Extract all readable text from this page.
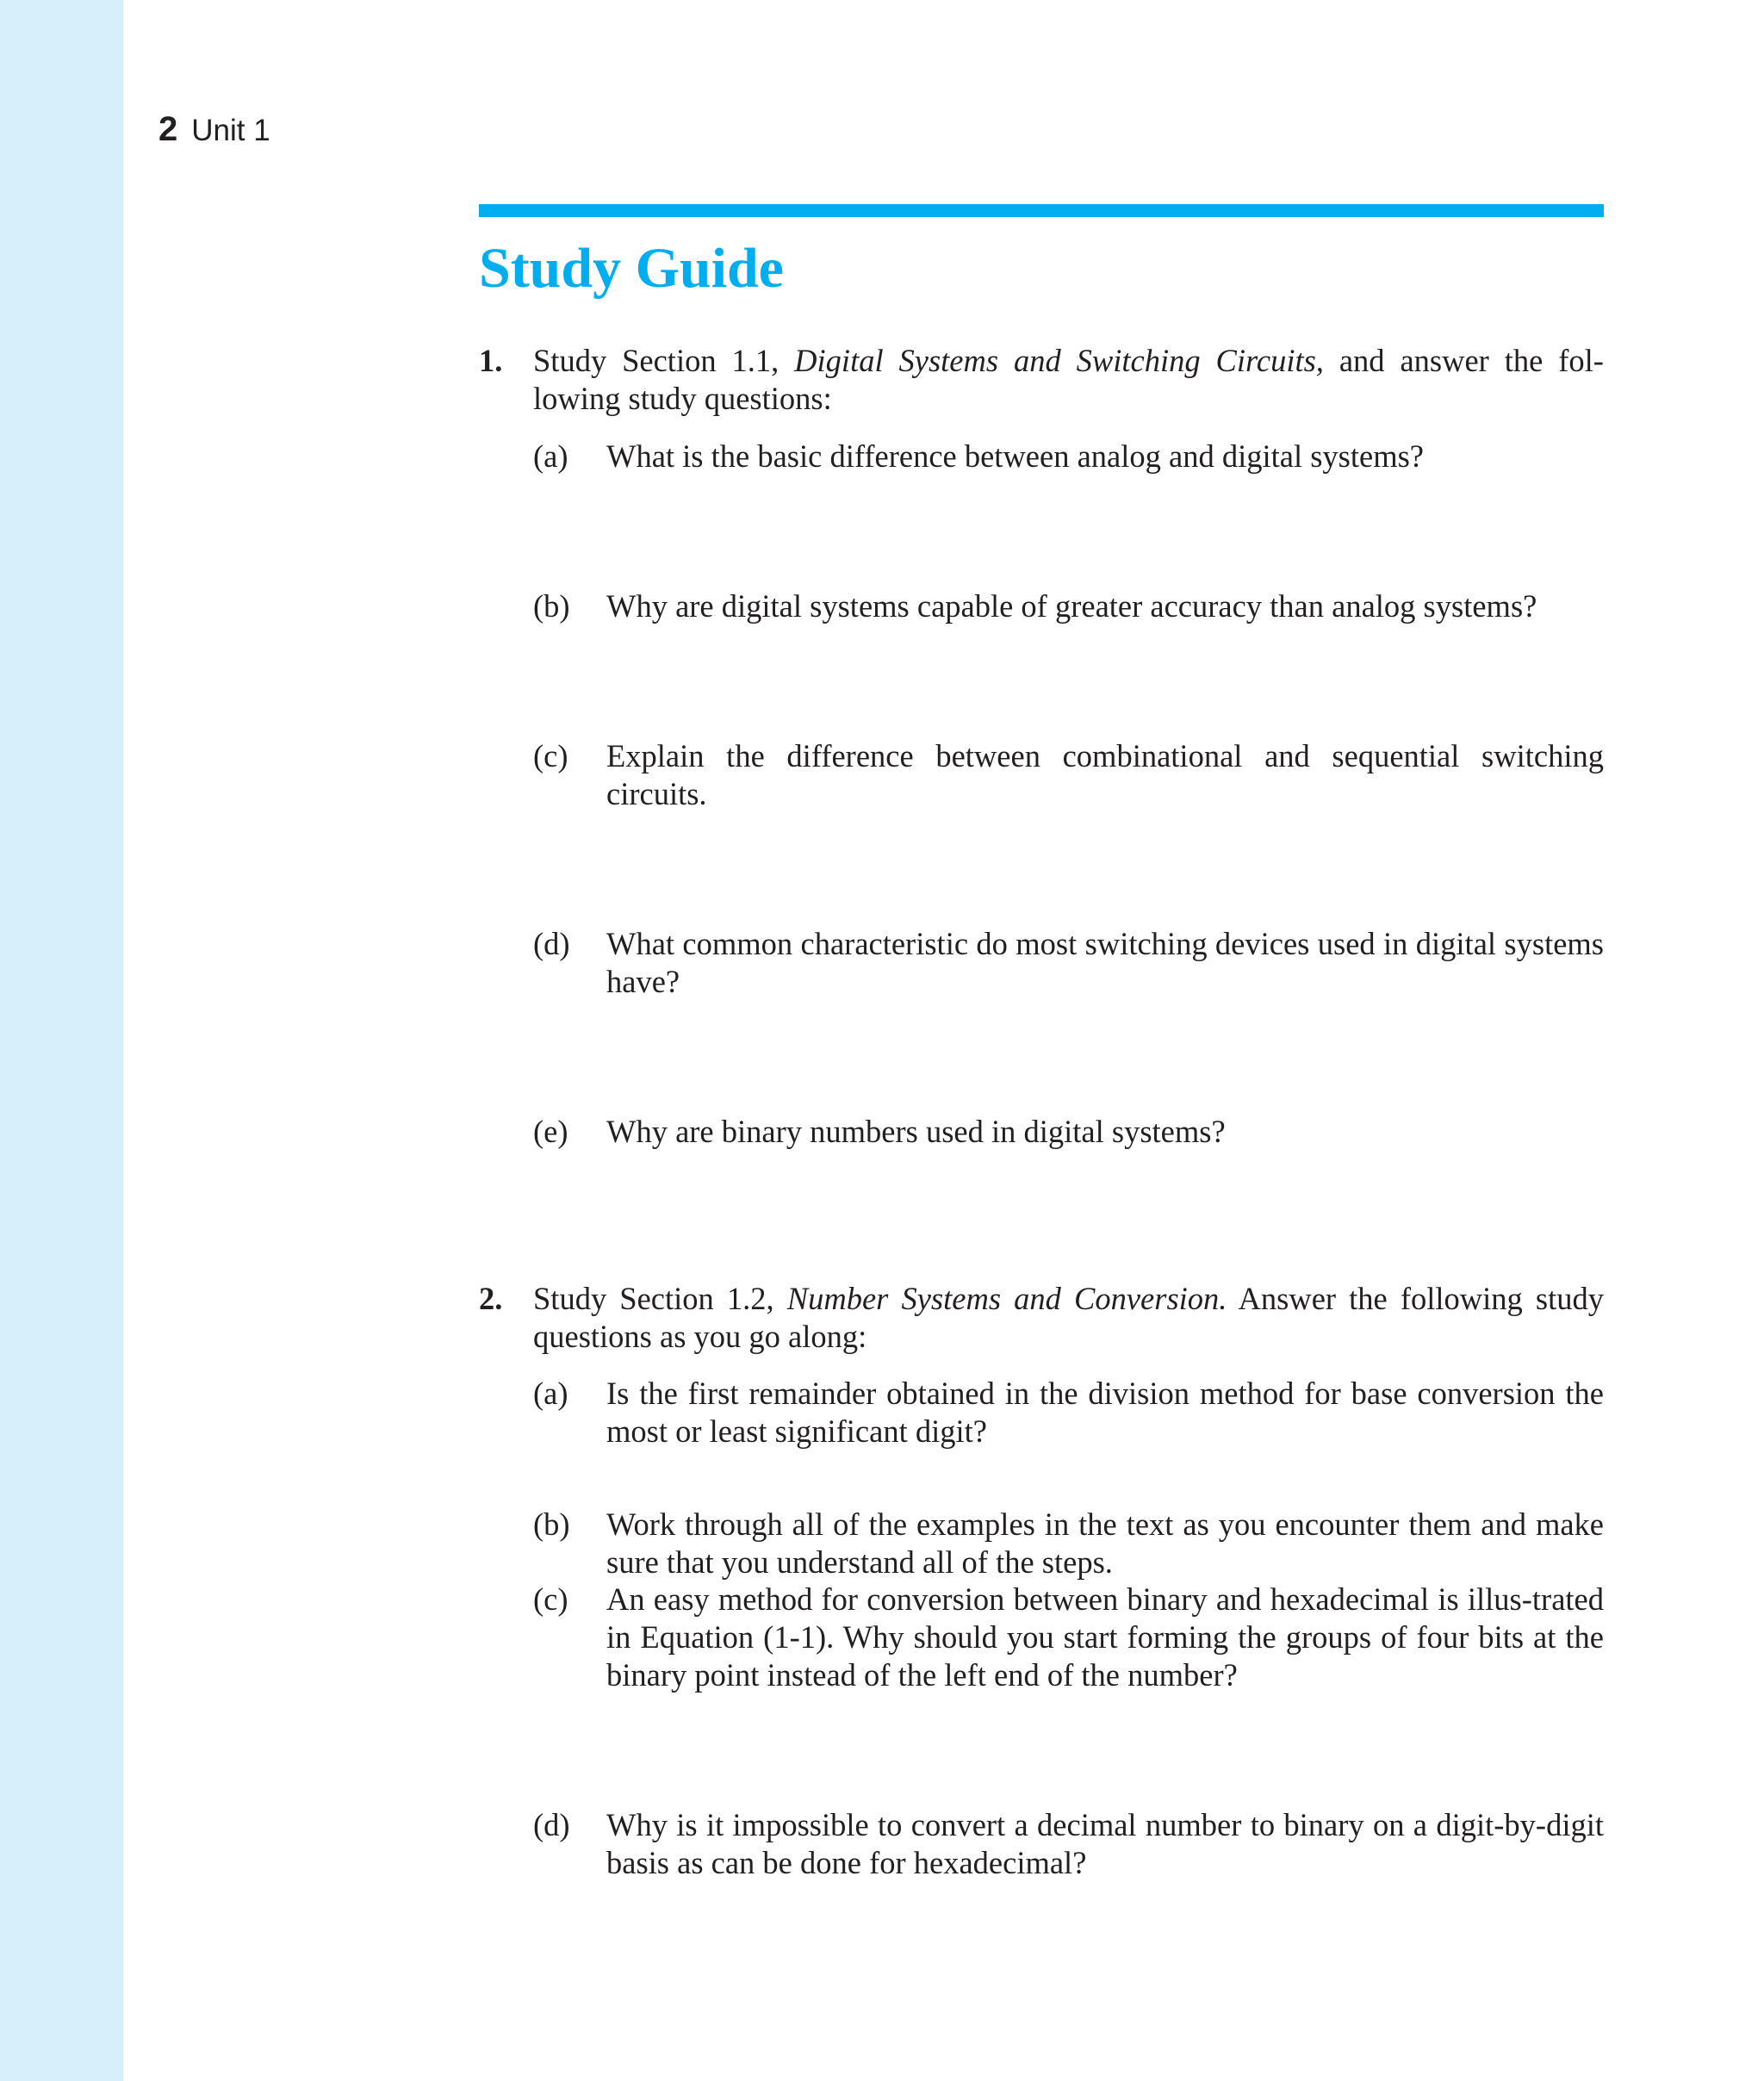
2 Unit 1
Study Guide
1. Study Section 1.1, Digital Systems and Switching Circuits, and answer the fol-lowing study questions:
(a) What is the basic difference between analog and digital systems?
(b) Why are digital systems capable of greater accuracy than analog systems?
(c) Explain the difference between combinational and sequential switching circuits.
(d) What common characteristic do most switching devices used in digital systems have?
(e) Why are binary numbers used in digital systems?
2. Study Section 1.2, Number Systems and Conversion. Answer the following study questions as you go along:
(a) Is the first remainder obtained in the division method for base conversion the most or least significant digit?
(b) Work through all of the examples in the text as you encounter them and make sure that you understand all of the steps.
(c) An easy method for conversion between binary and hexadecimal is illus-trated in Equation (1-1). Why should you start forming the groups of four bits at the binary point instead of the left end of the number?
(d) Why is it impossible to convert a decimal number to binary on a digit-by-digit basis as can be done for hexadecimal?
